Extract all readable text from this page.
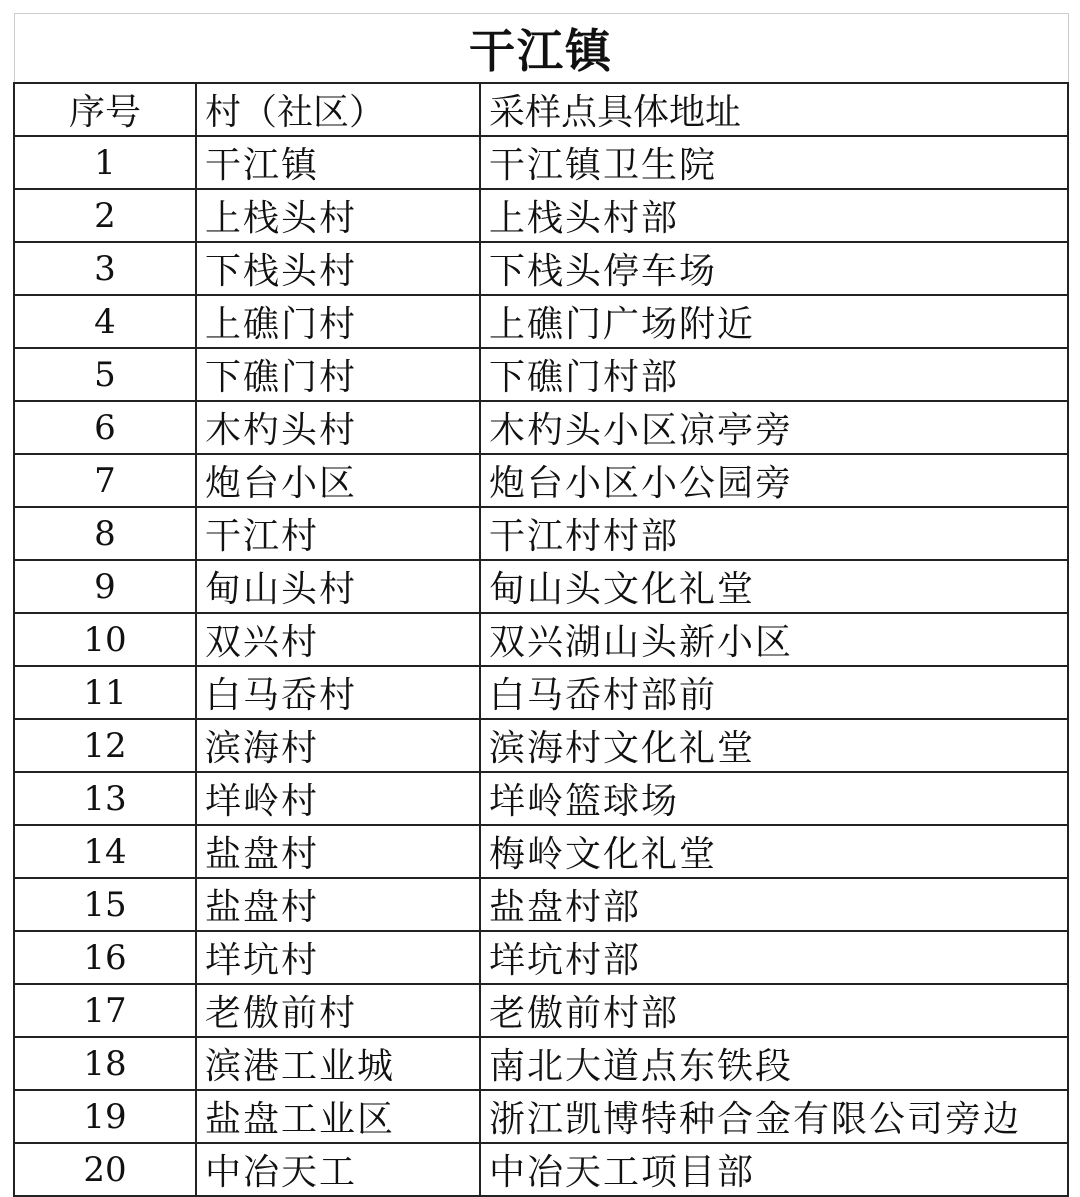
干江镇		
序号	村（社区）	采样点具体地址
1	干江镇	干江镇卫生院
2	上栈头村	上栈头村部
3	下栈头村	下栈头停车场
4	上礁门村	上礁门广场附近
5	下礁门村	下礁门村部
6	木杓头村	木杓头小区凉亭旁
7	炮台小区	炮台小区小公园旁
8	干江村	干江村村部
9	甸山头村	甸山头文化礼堂
10	双兴村	双兴湖山头新小区
11	白马岙村	白马岙村部前
12	滨海村	滨海村文化礼堂
13	垟岭村	垟岭篮球场
14	盐盘村	梅岭文化礼堂
15	盐盘村	盐盘村部
16	垟坑村	垟坑村部
17	老傲前村	老傲前村部
18	滨港工业城	南北大道点东铁段
19	盐盘工业区	浙江凯博特种合金有限公司旁边
20	中冶天工	中冶天工项目部
